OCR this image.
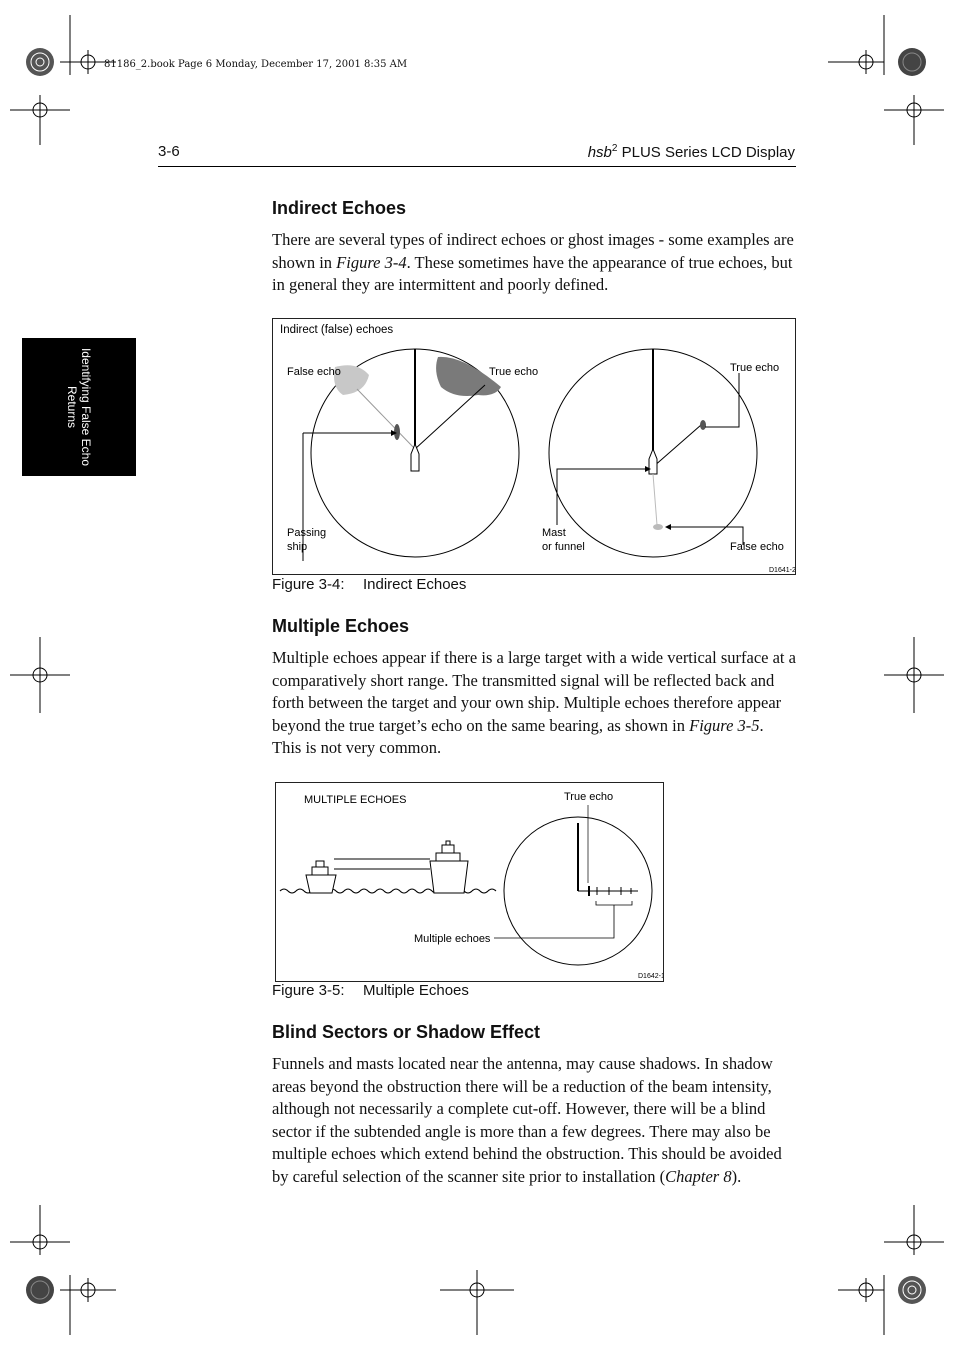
81186_2.book Page 6 Monday, December 17, 2001 8:35 AM
3-6	hsb$^2$ PLUS Series LCD Display
Identifying False Echo
Returns
Indirect Echoes

There are several types of indirect echoes or ghost images - some examples are shown in Figure 3-4. These sometimes have the appearance of true echoes, but in general they are intermittent and poorly defined.

Indirect (false) echoes
False echo	True echo
Passing
ship
True echo
Mast
or funnel	False echo
D1641-2
Figure 3-4: Indirect Echoes
Multiple Echoes

Multiple echoes appear if there is a large target with a wide vertical surface at a comparatively short range. The transmitted signal will be reflected back and forth between the target and your own ship. Multiple echoes therefore appear beyond the true target’s echo on the same bearing, as shown in Figure 3-5. This is not very common.

MULTIPLE ECHOES	True echo
Multiple echoes
D1642-1
Figure 3-5: Multiple Echoes
Blind Sectors or Shadow Effect

Funnels and masts located near the antenna, may cause shadows. In shadow areas beyond the obstruction there will be a reduction of the beam intensity, although not necessarily a complete cut-off. However, there will be a blind sector if the subtended angle is more than a few degrees. There may also be multiple echoes which extend behind the obstruction. This should be avoided by careful selection of the scanner site prior to installation (Chapter 8).
